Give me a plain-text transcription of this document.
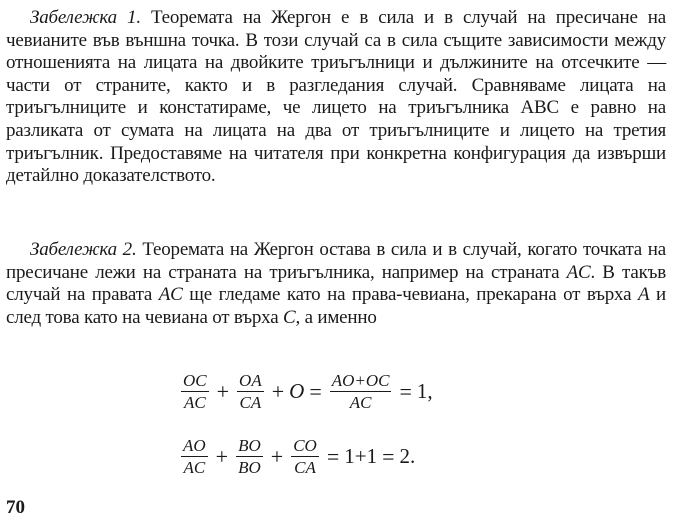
Забележка 1. Теоремата на Жергон е в сила и в случай на пресичане на чевианите във външна точка. В този случай са в сила същите зависимости между отношенията на лицата на двойките триъгълници и дължините на отсечките — части от страните, както и в разгледания случай. Сравняваме лицата на триъгълниците и констатираме, че лицето на триъгълника ABC е равно на разликата от сумата на лицата на два от триъгълниците и лицето на третия триъгълник. Предоставяме на читателя при конкретна конфигурация да извърши детайлно доказателството.

Забележка 2. Теоремата на Жергон остава в сила и в случай, когато точката на пресичане лежи на страната на триъгълника, например на страната AC. В такъв случай на правата AC ще гледаме като на права-чевиана, прекарана от върха A и след това като на чевиана от върха C, а именно

$\frac{OC}{AC} + \frac{OA}{CA} + O = \frac{AO+OC}{AC} = 1$,
$\frac{AO}{AC} + \frac{BO}{BO} + \frac{CO}{CA} = 1+1 = 2$.
70
